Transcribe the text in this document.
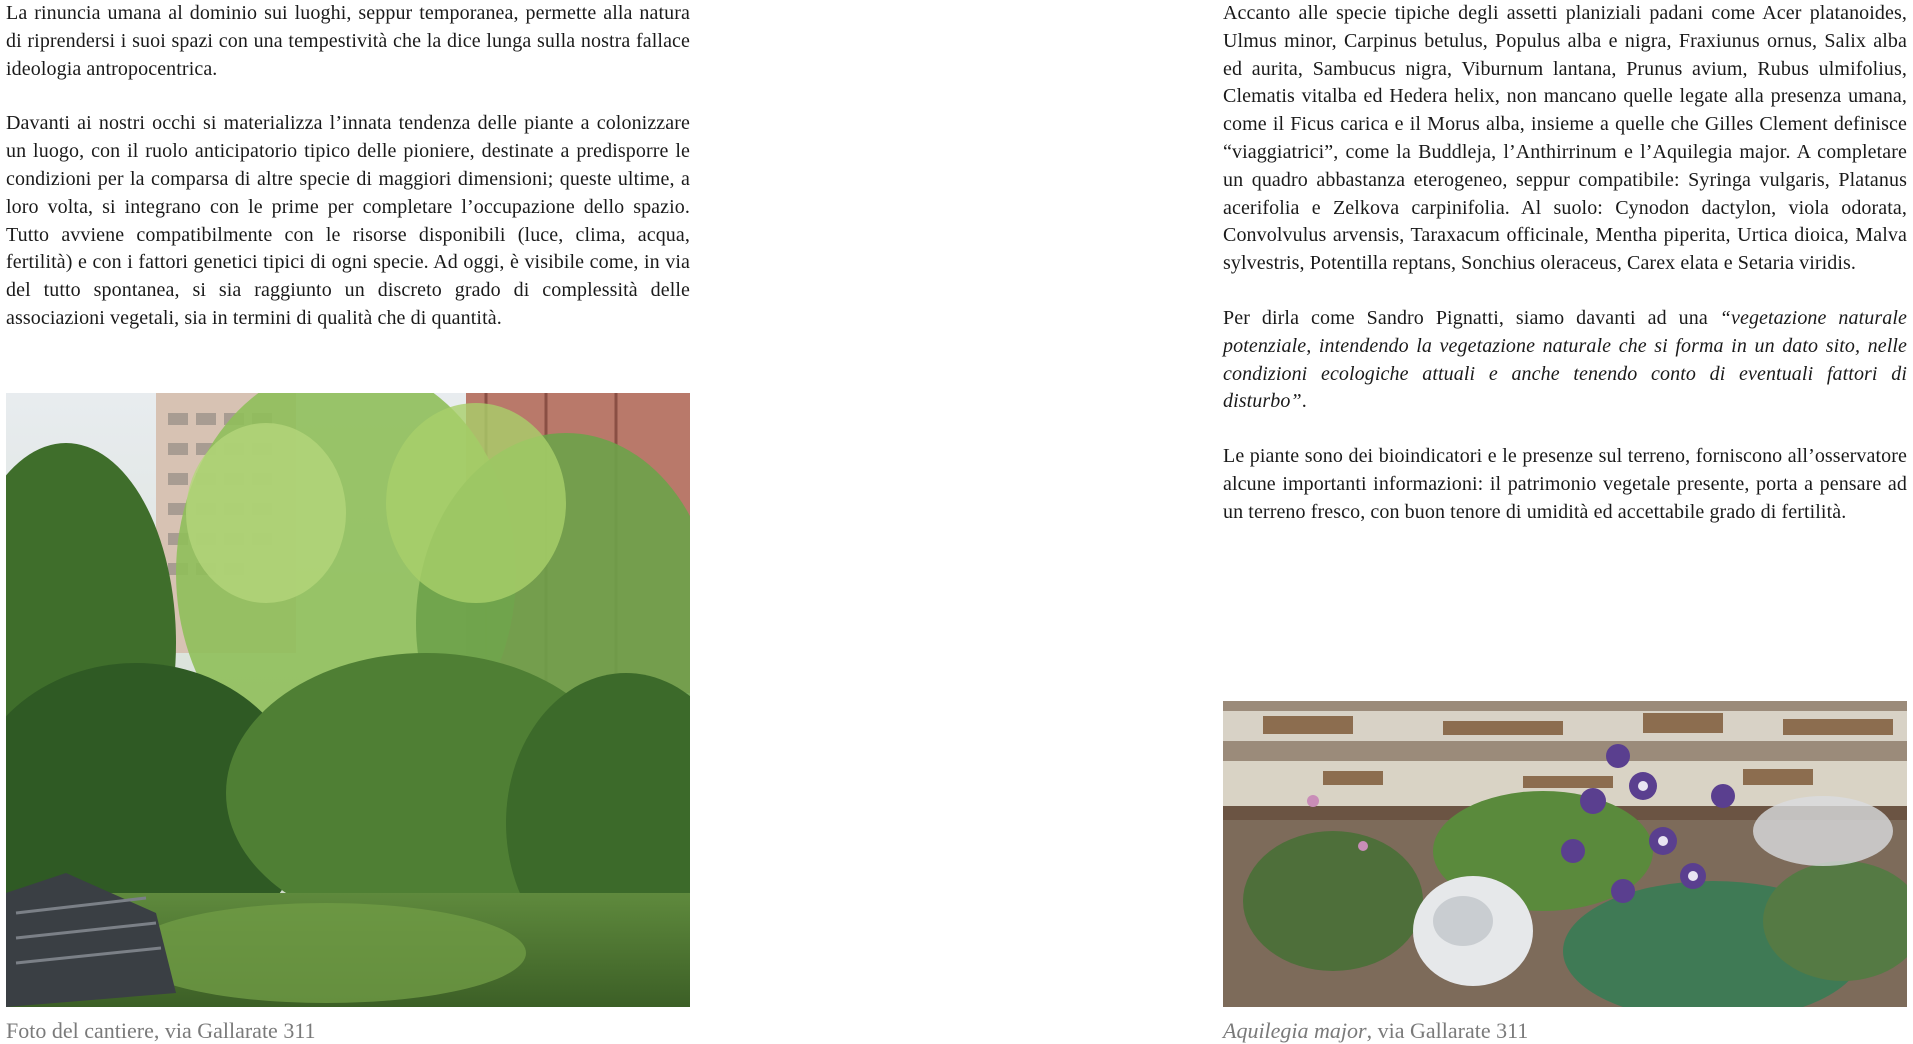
La rinuncia umana al dominio sui luoghi, seppur temporanea, permette alla natura di riprendersi i suoi spazi con una tempestività che la dice lunga sulla nostra fallace ideologia antropocentrica.

Davanti ai nostri occhi si materializza l’innata tendenza delle piante a colonizzare un luogo, con il ruolo anticipatorio tipico delle pioniere, destinate a predisporre le condizioni per la comparsa di altre specie di maggiori dimensioni; queste ultime, a loro volta, si integrano con le prime per completare l’occupazione dello spazio. Tutto avviene compatibilmente con le risorse disponibili (luce, clima, acqua, fertilità) e con i fattori genetici tipici di ogni specie. Ad oggi, è visibile come, in via del tutto spontanea, si sia raggiunto un discreto grado di complessità delle associazioni vegetali, sia in termini di qualità che di quantità.

Foto del cantiere, via Gallarate 311

Accanto alle specie tipiche degli assetti planiziali padani come Acer platanoides, Ulmus minor, Carpinus betulus, Populus alba e nigra, Fraxiunus ornus, Salix alba ed aurita, Sambucus nigra, Viburnum lantana, Prunus avium, Rubus ulmifolius, Clematis vitalba ed Hedera helix, non mancano quelle legate alla presenza umana, come il Ficus carica e il Morus alba, insieme a quelle che Gilles Clement definisce “viaggiatrici”, come la Buddleja, l’Anthirrinum e l’Aquilegia major. A completare un quadro abbastanza eterogeneo, seppur compatibile: Syringa vulgaris, Platanus acerifolia e Zelkova carpinifolia. Al suolo: Cynodon dactylon, viola odorata, Convolvulus arvensis, Taraxacum officinale, Mentha piperita, Urtica dioica, Malva sylvestris, Potentilla reptans, Sonchius oleraceus, Carex elata e Setaria viridis.

Per dirla come Sandro Pignatti, siamo davanti ad una “vegetazione naturale potenziale, intendendo la vegetazione naturale che si forma in un dato sito, nelle condizioni ecologiche attuali e anche tenendo conto di eventuali fattori di disturbo”.

Le piante sono dei bioindicatori e le presenze sul terreno, forniscono all’osservatore alcune importanti informazioni: il patrimonio vegetale presente, porta a pensare ad un terreno fresco, con buon tenore di umidità ed accettabile grado di fertilità.

Aquilegia major, via Gallarate 311
